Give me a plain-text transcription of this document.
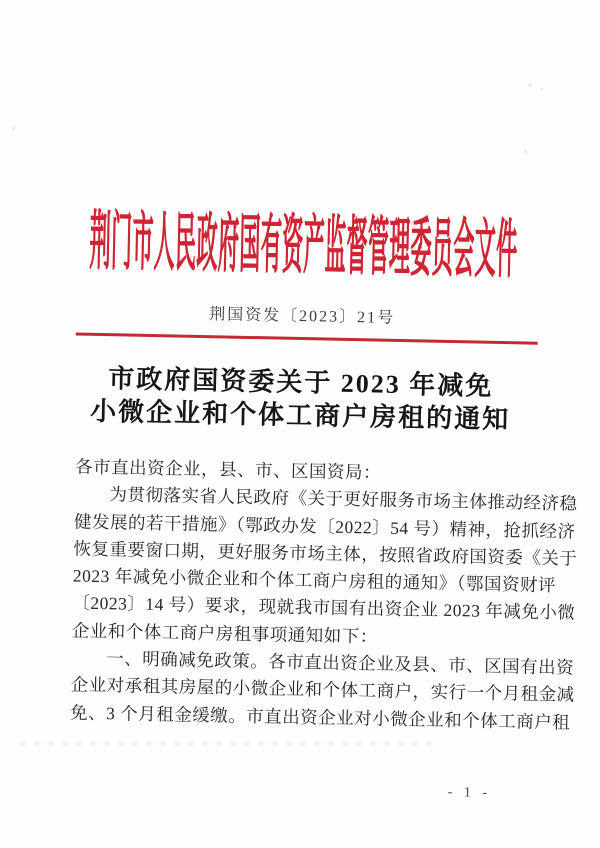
荆门市人民政府国有资产监督管理委员会文件
荆国资发〔2023〕21号
市政府国资委关于 2023 年减免
小微企业和个体工商户房租的通知
各市直出资企业，县、市、区国资局：
为贯彻落实省人民政府《关于更好服务市场主体推动经济稳
健发展的若干措施》（鄂政办发〔2022〕54 号）精神，抢抓经济
恢复重要窗口期，更好服务市场主体，按照省政府国资委《关于
2023 年减免小微企业和个体工商户房租的通知》（鄂国资财评
〔2023〕14 号）要求，现就我市国有出资企业 2023 年减免小微
企业和个体工商户房租事项通知如下：
一、明确减免政策。各市直出资企业及县、市、区国有出资
企业对承租其房屋的小微企业和个体工商户，实行一个月租金减
免、3 个月租金缓缴。市直出资企业对小微企业和个体工商户租
- 1 -
